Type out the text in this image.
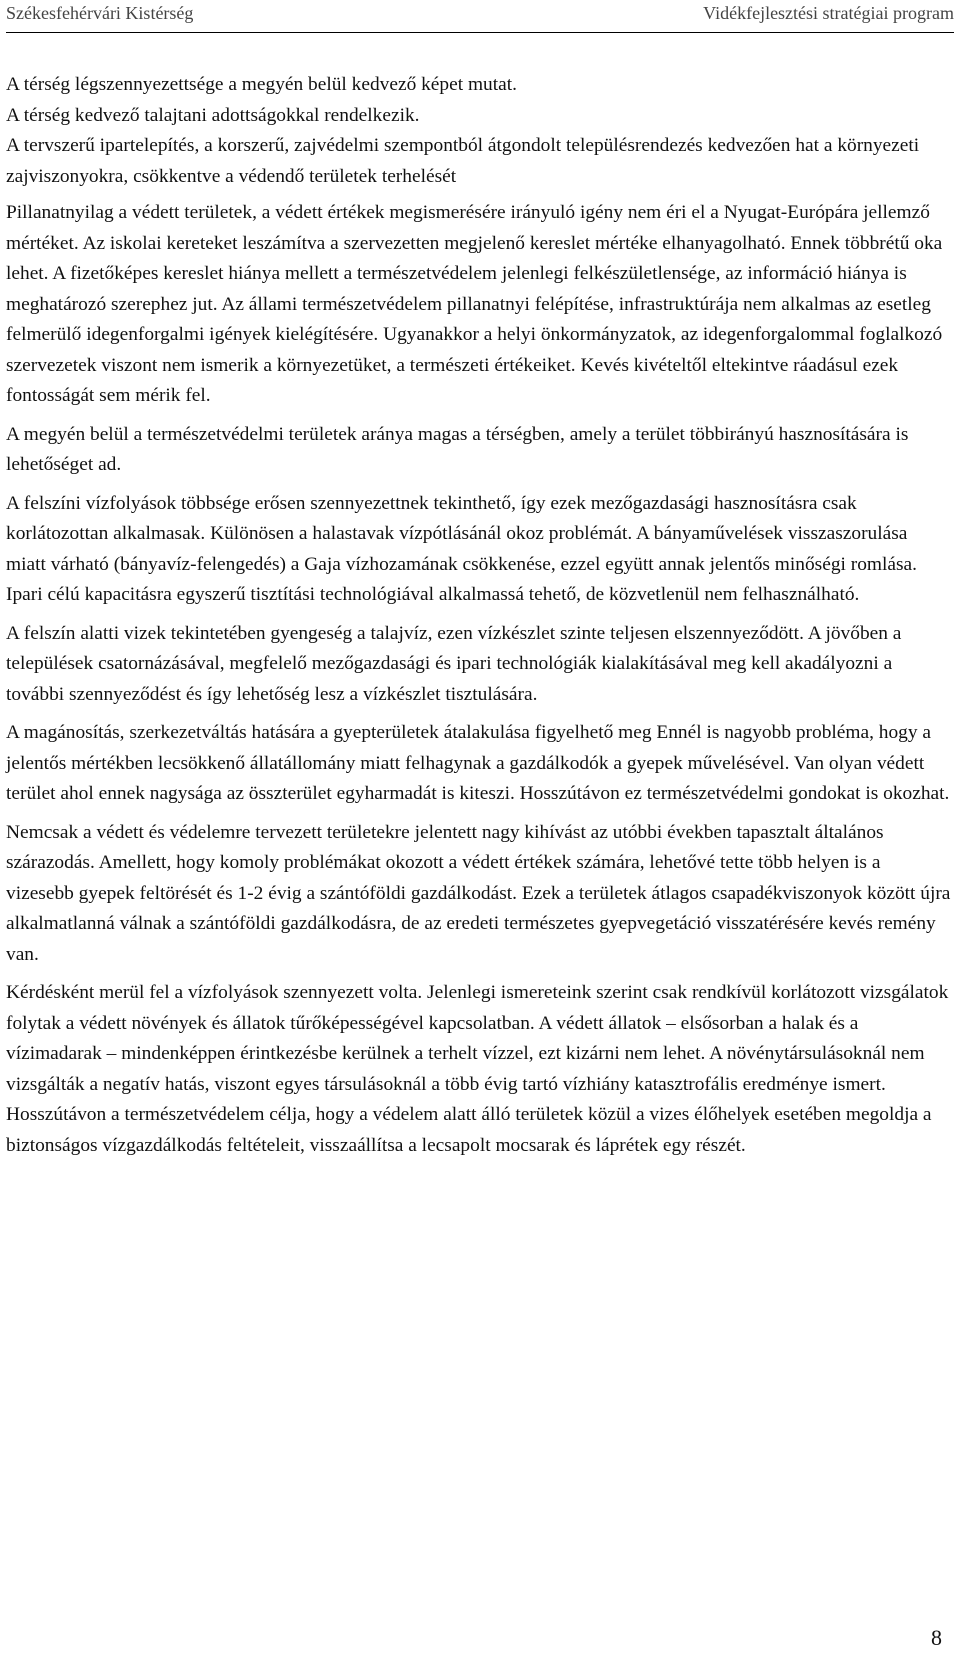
Székesfehérvári Kistérség	Vidékfejlesztési stratégiai program

A térség légszennyezettsége a megyén belül kedvező képet mutat.

A térség kedvező talajtani adottságokkal rendelkezik.

A tervszerű ipartelepítés, a korszerű, zajvédelmi szempontból átgondolt településrendezés kedvezően hat a környezeti zajviszonyokra, csökkentve a védendő területek terhelését

Pillanatnyilag a védett területek, a védett értékek megismerésére irányuló igény nem éri el a Nyugat-Európára jellemző mértéket. Az iskolai kereteket leszámítva a szervezetten megjelenő kereslet mértéke elhanyagolható. Ennek többrétű oka lehet. A fizetőképes kereslet hiánya mellett a természetvédelem jelenlegi felkészületlensége, az információ hiánya is meghatározó szerephez jut. Az állami természetvédelem pillanatnyi felépítése, infrastruktúrája nem alkalmas az esetleg felmerülő idegenforgalmi igények kielégítésére. Ugyanakkor a helyi önkormányzatok, az idegenforgalommal foglalkozó szervezetek viszont nem ismerik a környezetüket, a természeti értékeiket. Kevés kivételtől eltekintve ráadásul ezek fontosságát sem mérik fel.

A megyén belül a természetvédelmi területek aránya magas a térségben, amely a terület többirányú hasznosítására is lehetőséget ad.

A felszíni vízfolyások többsége erősen szennyezettnek tekinthető, így ezek mezőgazdasági hasznosításra csak korlátozottan alkalmasak. Különösen a halastavak vízpótlásánál okoz problémát. A bányaművelések visszaszorulása miatt várható (bányavíz-felengedés) a Gaja vízhozamának csökkenése, ezzel együtt annak jelentős minőségi romlása.

Ipari célú kapacitásra egyszerű tisztítási technológiával alkalmassá tehető, de közvetlenül nem felhasználható.

A felszín alatti vizek tekintetében gyengeség a talajvíz, ezen vízkészlet szinte teljesen elszennyeződött. A jövőben a települések csatornázásával, megfelelő mezőgazdasági és ipari technológiák kialakításával meg kell akadályozni a további szennyeződést és így lehetőség lesz a vízkészlet tisztulására.

A magánosítás, szerkezetváltás hatására a gyepterületek átalakulása figyelhető meg Ennél is nagyobb probléma, hogy a jelentős mértékben lecsökkenő állatállomány miatt felhagynak a gazdálkodók a gyepek művelésével. Van olyan védett terület ahol ennek nagysága az összterület egyharmadát is kiteszi. Hosszútávon ez természetvédelmi gondokat is okozhat.

Nemcsak a védett és védelemre tervezett területekre jelentett nagy kihívást az utóbbi években tapasztalt általános szárazodás. Amellett, hogy komoly problémákat okozott a védett értékek számára, lehetővé tette több helyen is a vizesebb gyepek feltörését és 1-2 évig a szántóföldi gazdálkodást. Ezek a területek átlagos csapadékviszonyok között újra alkalmatlanná válnak a szántóföldi gazdálkodásra, de az eredeti természetes gyepvegetáció visszatérésére kevés remény van.

Kérdésként merül fel a vízfolyások szennyezett volta. Jelenlegi ismereteink szerint csak rendkívül korlátozott vizsgálatok folytak a védett növények és állatok tűrőképességével kapcsolatban. A védett állatok – elsősorban a halak és a vízimadarak – mindenképpen érintkezésbe kerülnek a terhelt vízzel, ezt kizárni nem lehet. A növénytársulásoknál nem vizsgálták a negatív hatás, viszont egyes társulásoknál a több évig tartó vízhiány katasztrofális eredménye ismert. Hosszútávon a természetvédelem célja, hogy a védelem alatt álló területek közül a vizes élőhelyek esetében megoldja a biztonságos vízgazdálkodás feltételeit, visszaállítsa a lecsapolt mocsarak és láprétek egy részét.

8
